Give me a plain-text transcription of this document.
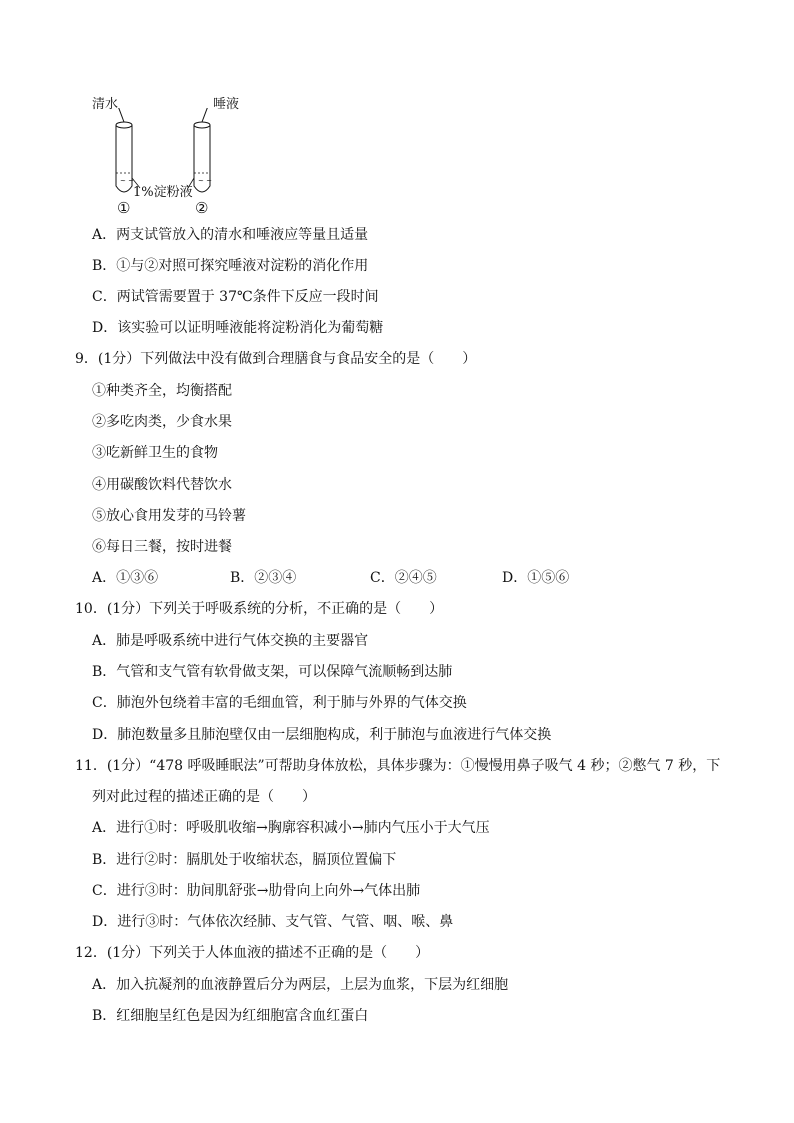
清水	唾液
~ ~	~ ~
1%淀粉液
①	②
A．两支试管放入的清水和唾液应等量且适量
B．①与②对照可探究唾液对淀粉的消化作用
C．两试管需要置于 37℃条件下反应一段时间
D．该实验可以证明唾液能将淀粉消化为葡萄糖
9．(1分）下列做法中没有做到合理膳食与食品安全的是（　　）
①种类齐全，均衡搭配
②多吃肉类，少食水果
③吃新鲜卫生的食物
④用碳酸饮料代替饮水
⑤放心食用发芽的马铃薯
⑥每日三餐，按时进餐
A．①③⑥	B．②③④	C．②④⑤	D．①⑤⑥
10．(1分）下列关于呼吸系统的分析，不正确的是（　　）
A．肺是呼吸系统中进行气体交换的主要器官
B．气管和支气管有软骨做支架，可以保障气流顺畅到达肺
C．肺泡外包绕着丰富的毛细血管，利于肺与外界的气体交换
D．肺泡数量多且肺泡壁仅由一层细胞构成，利于肺泡与血液进行气体交换
11．(1分）“478 呼吸睡眠法”可帮助身体放松，具体步骤为：①慢慢用鼻子吸气 4 秒；②憋气 7 秒，下
列对此过程的描述正确的是（　　）
A．进行①时：呼吸肌收缩→胸廓容积减小→肺内气压小于大气压
B．进行②时：膈肌处于收缩状态，膈顶位置偏下
C．进行③时：肋间肌舒张→肋骨向上向外→气体出肺
D．进行③时：气体依次经肺、支气管、气管、咽、喉、鼻
12．(1分）下列关于人体血液的描述不正确的是（　　）
A．加入抗凝剂的血液静置后分为两层，上层为血浆，下层为红细胞
B．红细胞呈红色是因为红细胞富含血红蛋白
